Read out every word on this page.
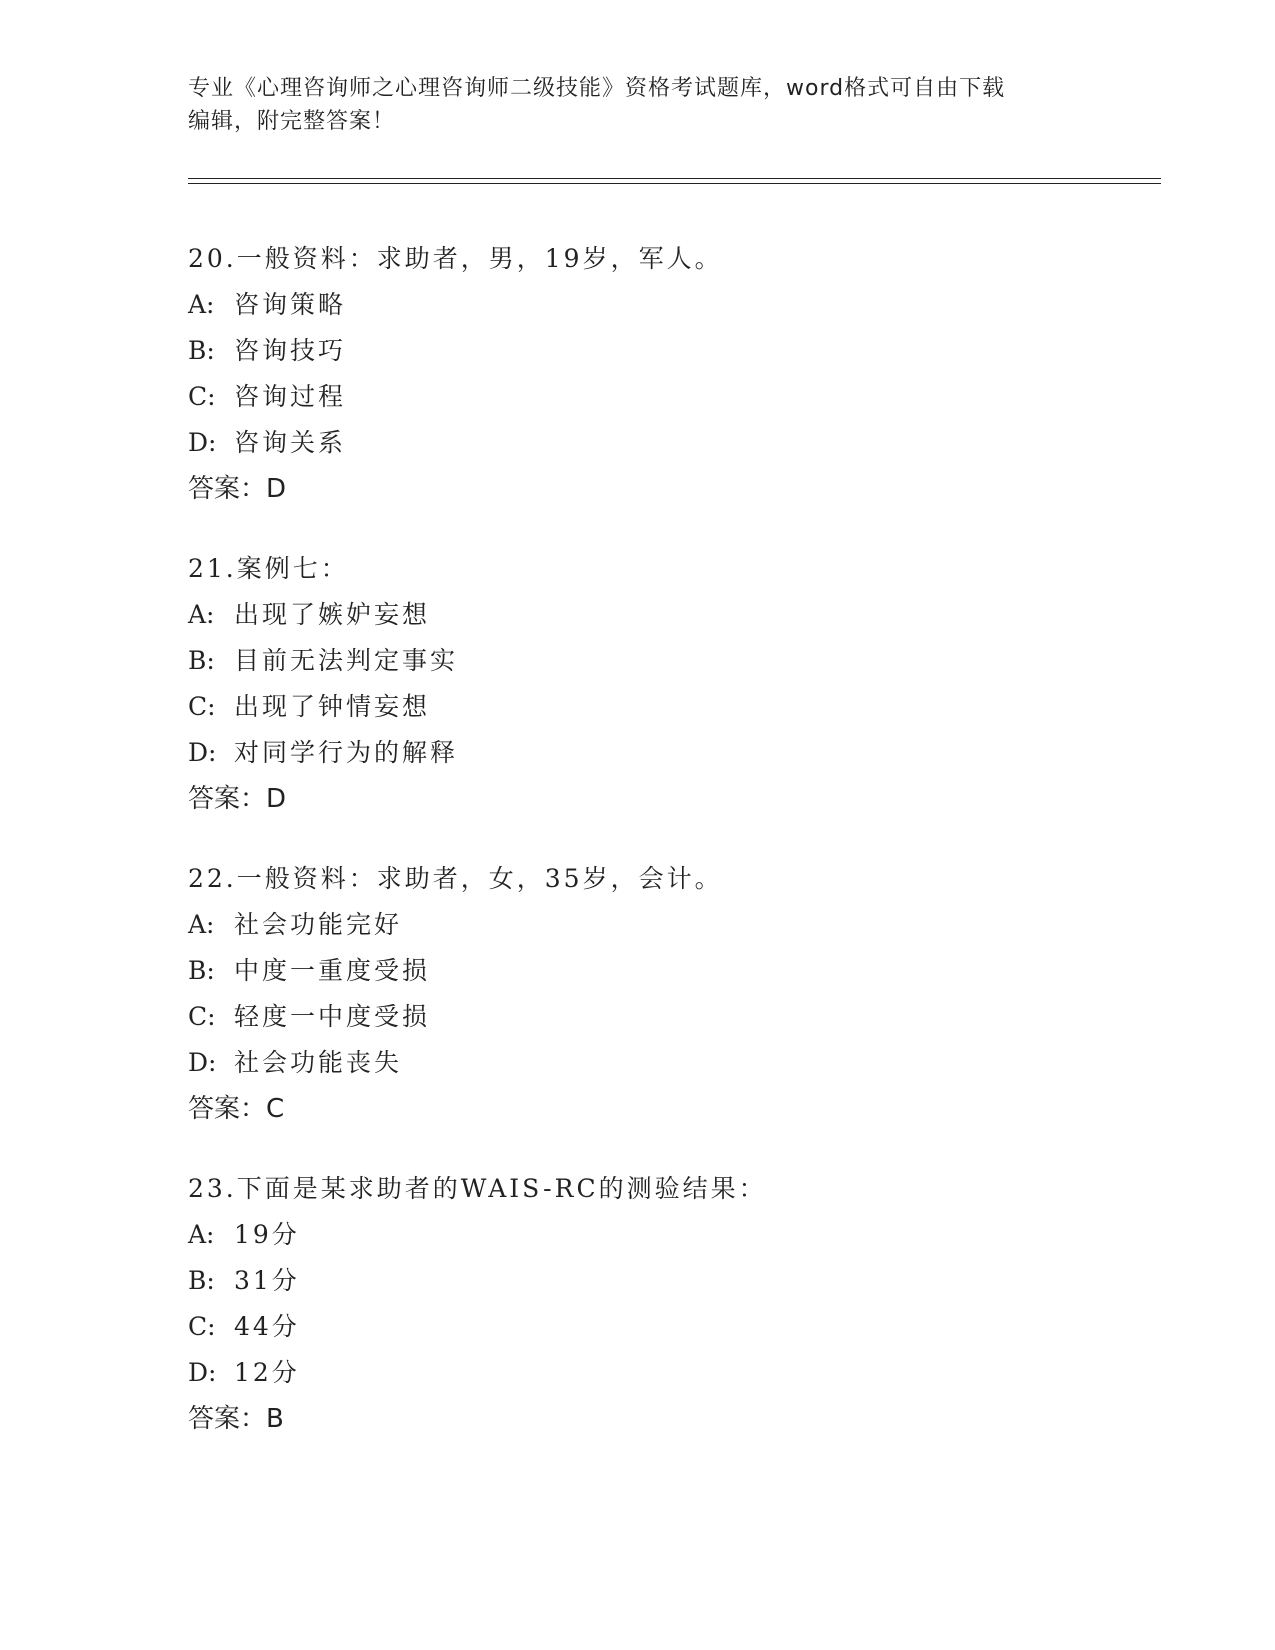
专业《心理咨询师之心理咨询师二级技能》资格考试题库，word格式可自由下载
编辑，附完整答案！
20.一般资料：求助者，男，19岁，军人。
A: 咨询策略
B: 咨询技巧
C: 咨询过程
D: 咨询关系
答案：D
21.案例七：
A: 出现了嫉妒妄想
B: 目前无法判定事实
C: 出现了钟情妄想
D: 对同学行为的解释
答案：D
22.一般资料：求助者，女，35岁，会计。
A: 社会功能完好
B: 中度一重度受损
C: 轻度一中度受损
D: 社会功能丧失
答案：C
23.下面是某求助者的WAIS-RC的测验结果：
A: 19分
B: 31分
C: 44分
D: 12分
答案：B
